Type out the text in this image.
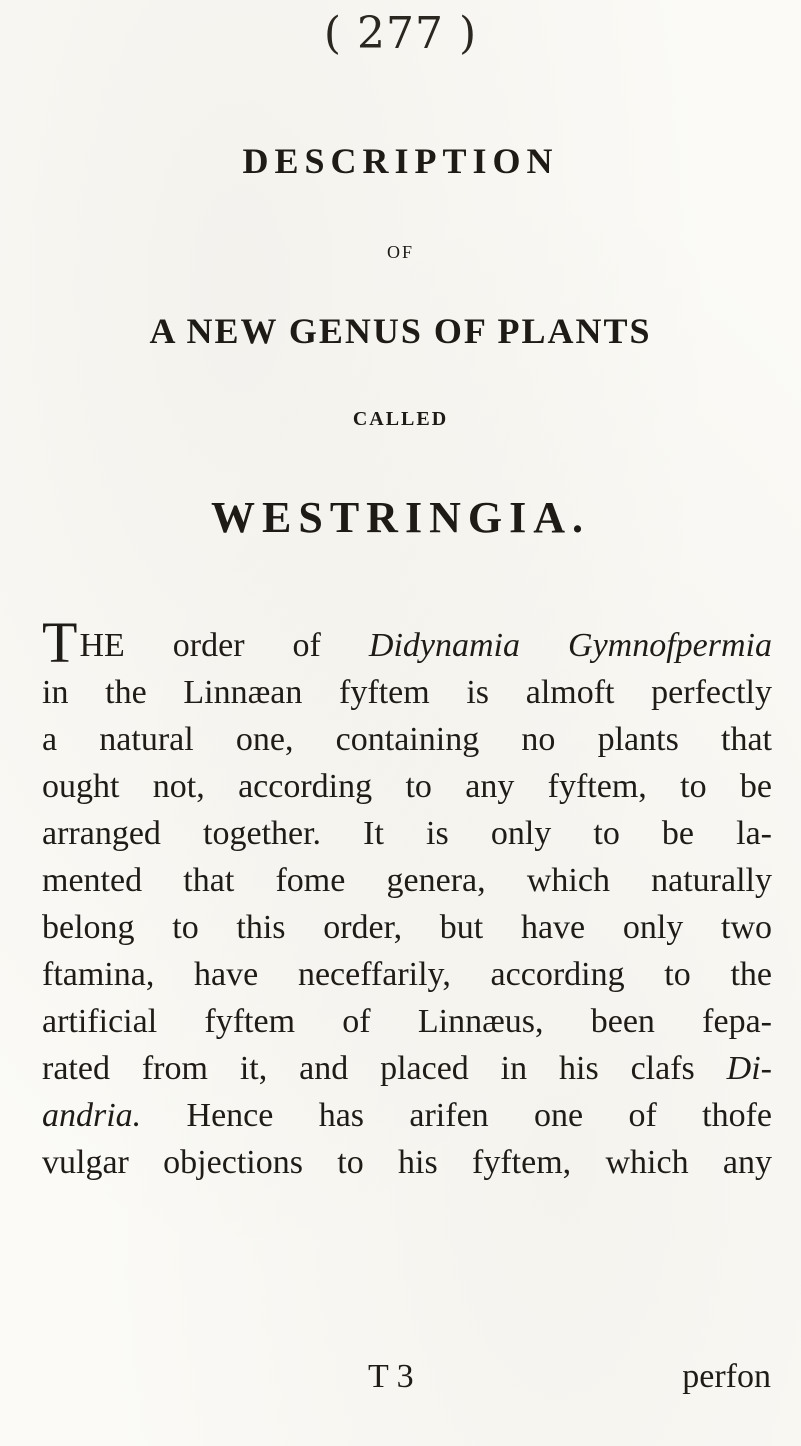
( 277 )
DESCRIPTION
OF
A NEW GENUS OF PLANTS
CALLED
WESTRINGIA.
THE order of Didynamia Gymnofpermia
in the Linnæan fyftem is almoft perfectly
a natural one, containing no plants that
ought not, according to any fyftem, to be
arranged together. It is only to be la-
mented that fome genera, which naturally
belong to this order, but have only two
ftamina, have neceffarily, according to the
artificial fyftem of Linnæus, been fepa-
rated from it, and placed in his clafs Di-
andria. Hence has arifen one of thofe
vulgar objections to his fyftem, which any
T 3	perfon
